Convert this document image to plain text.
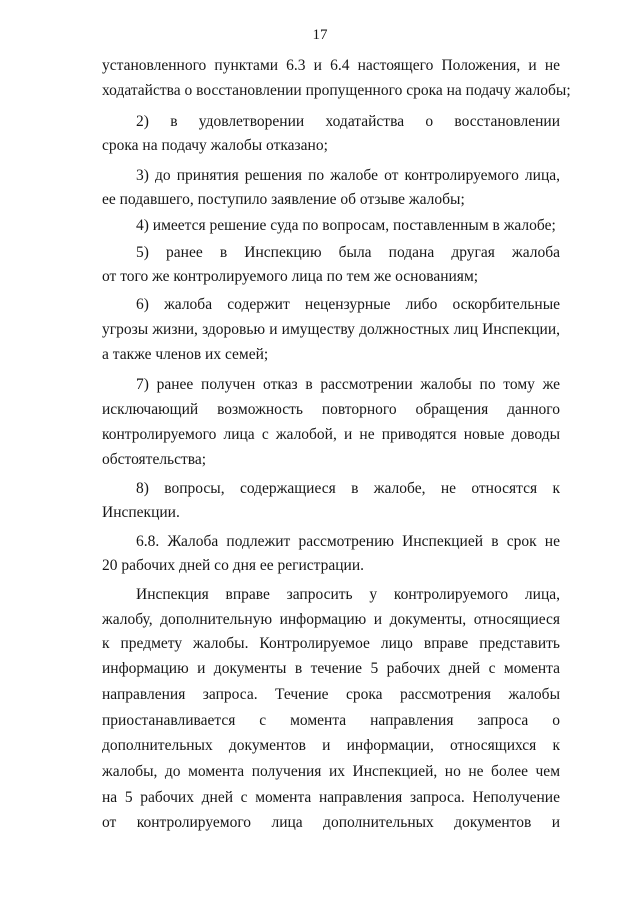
17
установленного пунктами 6.3 и 6.4 настоящего Положения, и не
ходатайства о восстановлении пропущенного срока на подачу жалобы;
2) в удовлетворении ходатайства о восстановлении
срока на подачу жалобы отказано;
3) до принятия решения по жалобе от контролируемого лица,
ее подавшего, поступило заявление об отзыве жалобы;
4) имеется решение суда по вопросам, поставленным в жалобе;
5) ранее в Инспекцию была подана другая жалоба
от того же контролируемого лица по тем же основаниям;
6) жалоба содержит нецензурные либо оскорбительные
угрозы жизни, здоровью и имуществу должностных лиц Инспекции,
а также членов их семей;
7) ранее получен отказ в рассмотрении жалобы по тому же
исключающий возможность повторного обращения данного
контролируемого лица с жалобой, и не приводятся новые доводы
обстоятельства;
8) вопросы, содержащиеся в жалобе, не относятся к
Инспекции.
6.8. Жалоба подлежит рассмотрению Инспекцией в срок не
20 рабочих дней со дня ее регистрации.
Инспекция вправе запросить у контролируемого лица,
жалобу, дополнительную информацию и документы, относящиеся
к предмету жалобы. Контролируемое лицо вправе представить
информацию и документы в течение 5 рабочих дней с момента
направления запроса. Течение срока рассмотрения жалобы
приостанавливается с момента направления запроса о
дополнительных документов и информации, относящихся к
жалобы, до момента получения их Инспекцией, но не более чем
на 5 рабочих дней с момента направления запроса. Неполучение
от контролируемого лица дополнительных документов и
